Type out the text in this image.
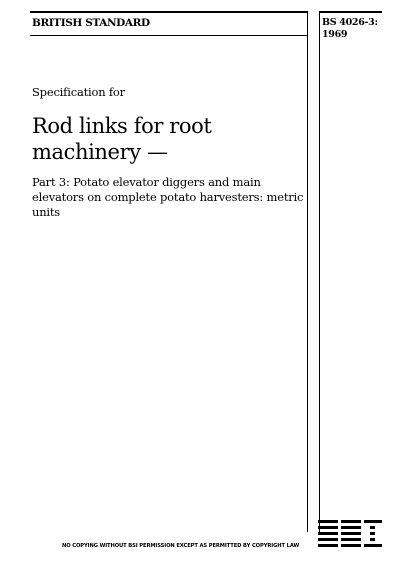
BRITISH STANDARD	BS 4026-3:
1969
Specification for
Rod links for root machinery —
Part 3: Potato elevator diggers and main elevators on complete potato harvesters: metric units
NO COPYING WITHOUT BSI PERMISSION EXCEPT AS PERMITTED BY COPYRIGHT LAW
